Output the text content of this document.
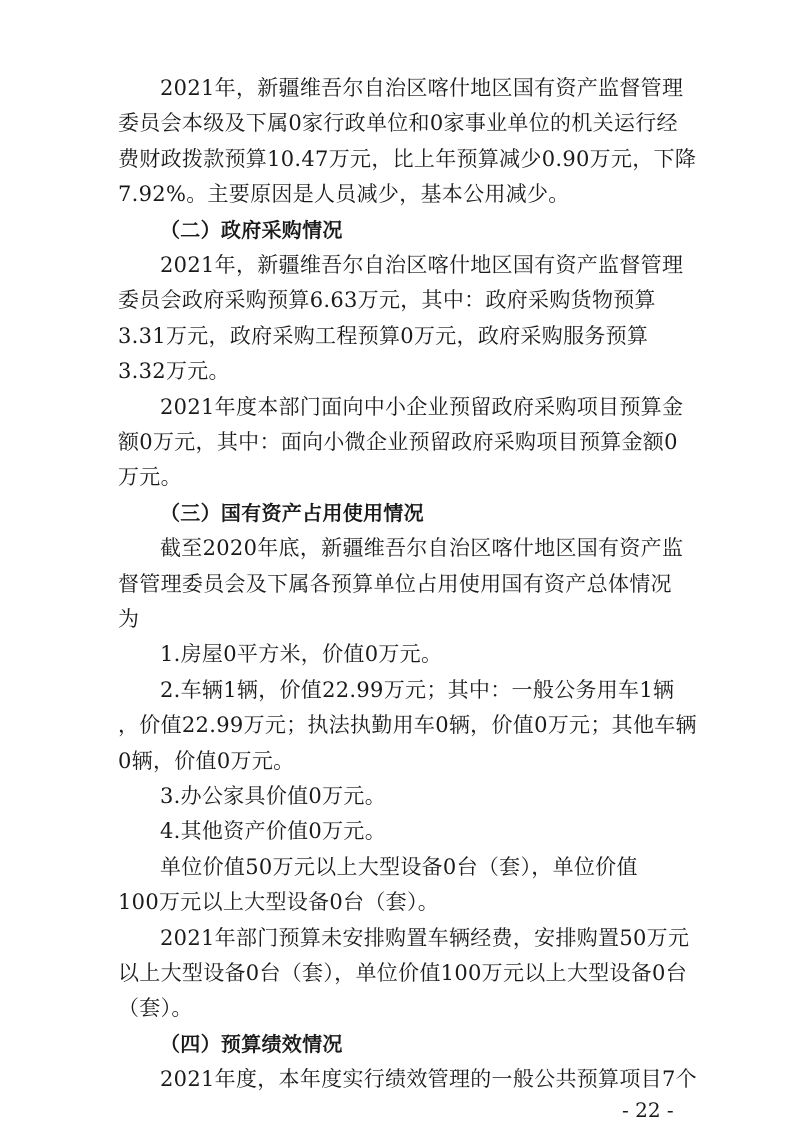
2021年，新疆维吾尔自治区喀什地区国有资产监督管理
委员会本级及下属0家行政单位和0家事业单位的机关运行经
费财政拨款预算10.47万元，比上年预算减少0.90万元，下降
7.92%。主要原因是人员减少，基本公用减少。
（二）政府采购情况
2021年，新疆维吾尔自治区喀什地区国有资产监督管理
委员会政府采购预算6.63万元，其中：政府采购货物预算
3.31万元，政府采购工程预算0万元，政府采购服务预算
3.32万元。
2021年度本部门面向中小企业预留政府采购项目预算金
额0万元，其中：面向小微企业预留政府采购项目预算金额0
万元。
（三）国有资产占用使用情况
截至2020年底，新疆维吾尔自治区喀什地区国有资产监
督管理委员会及下属各预算单位占用使用国有资产总体情况
为
1.房屋0平方米，价值0万元。
2.车辆1辆，价值22.99万元；其中：一般公务用车1辆
，价值22.99万元；执法执勤用车0辆，价值0万元；其他车辆
0辆，价值0万元。
3.办公家具价值0万元。
4.其他资产价值0万元。
单位价值50万元以上大型设备0台（套），单位价值
100万元以上大型设备0台（套）。
2021年部门预算未安排购置车辆经费，安排购置50万元
以上大型设备0台（套），单位价值100万元以上大型设备0台
（套）。
（四）预算绩效情况
2021年度，本年度实行绩效管理的一般公共预算项目7个
- 22 -
